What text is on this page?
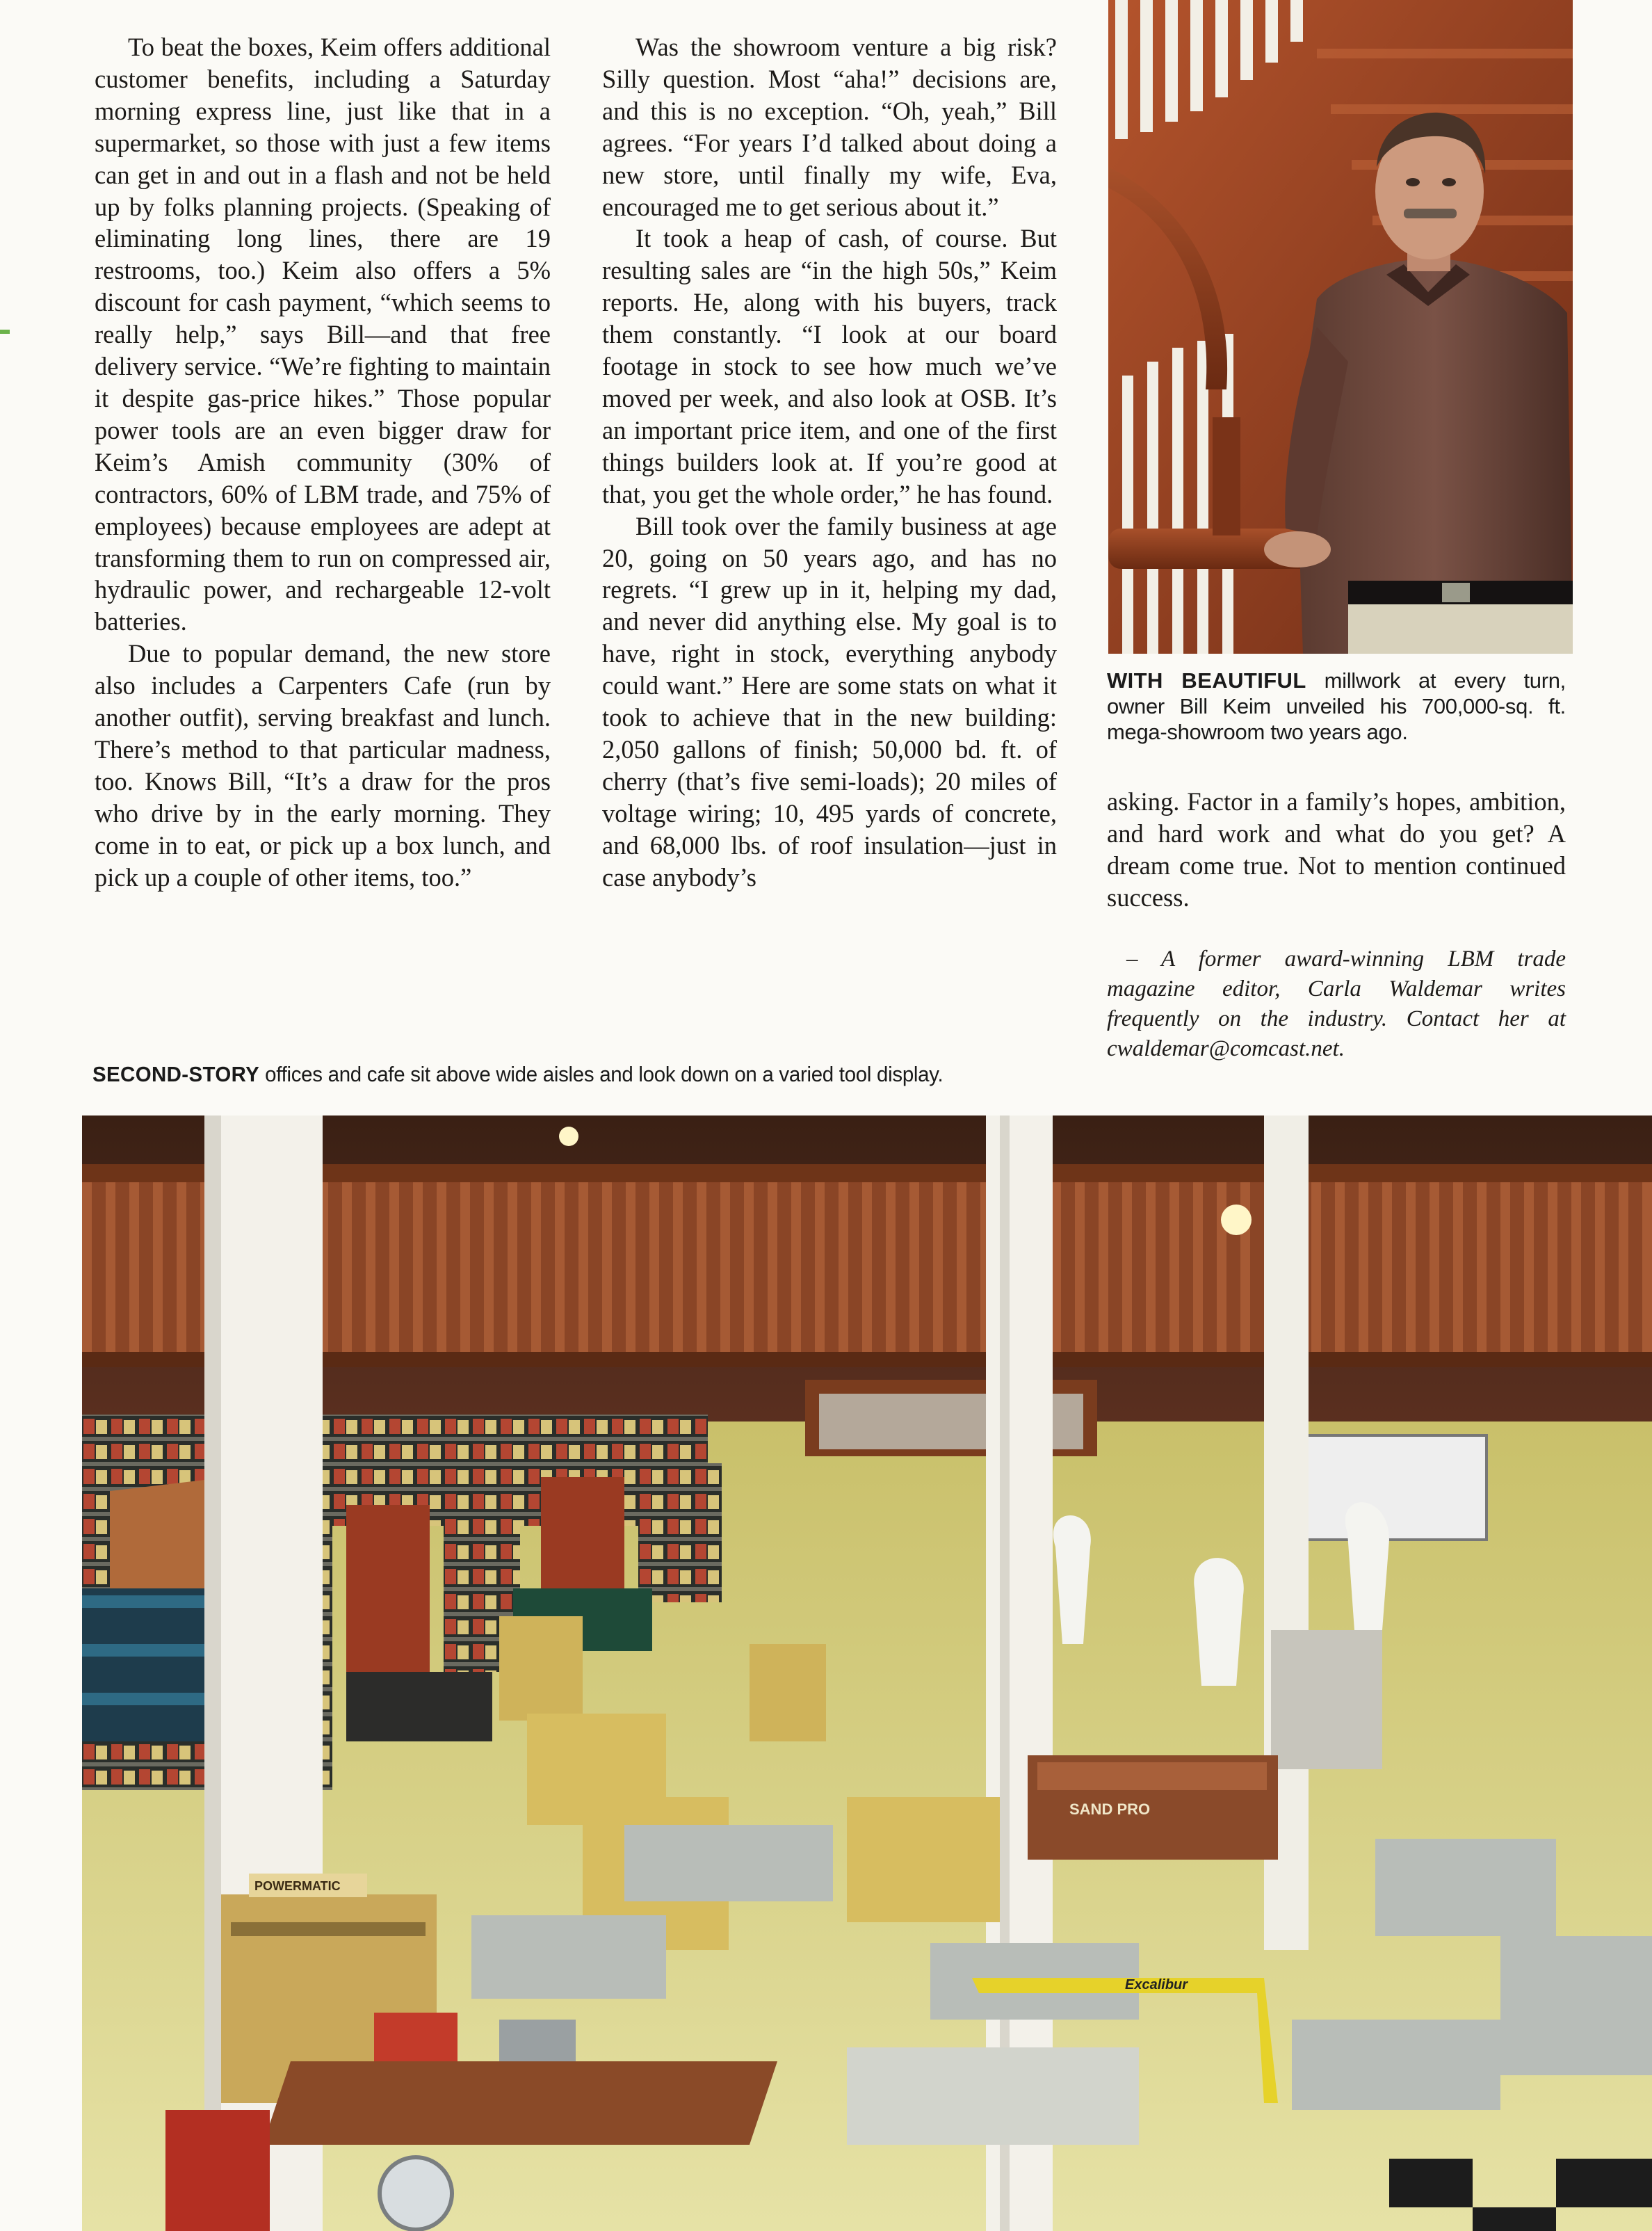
To beat the boxes, Keim offers additional customer benefits, including a Saturday morning express line, just like that in a supermarket, so those with just a few items can get in and out in a flash and not be held up by folks planning projects. (Speaking of eliminating long lines, there are 19 restrooms, too.) Keim also offers a 5% discount for cash payment, “which seems to really help,” says Bill—and that free delivery service. “We’re fighting to maintain it despite gas-price hikes.” Those popular power tools are an even bigger draw for Keim’s Amish community (30% of contractors, 60% of LBM trade, and 75% of employees) because employees are adept at transforming them to run on compressed air, hydraulic power, and rechargeable 12-volt batteries.

Due to popular demand, the new store also includes a Carpenters Cafe (run by another outfit), serving breakfast and lunch. There’s method to that particular madness, too. Knows Bill, “It’s a draw for the pros who drive by in the early morning. They come in to eat, or pick up a box lunch, and pick up a couple of other items, too.”

Was the showroom venture a big risk? Silly question. Most “aha!” decisions are, and this is no exception. “Oh, yeah,” Bill agrees. “For years I’d talked about doing a new store, until finally my wife, Eva, encouraged me to get serious about it.”

It took a heap of cash, of course. But resulting sales are “in the high 50s,” Keim reports. He, along with his buyers, track them constantly. “I look at our board footage in stock to see how much we’ve moved per week, and also look at OSB. It’s an important price item, and one of the first things builders look at. If you’re good at that, you get the whole order,” he has found.

Bill took over the family business at age 20, going on 50 years ago, and has no regrets. “I grew up in it, helping my dad, and never did anything else. My goal is to have, right in stock, everything anybody could want.” Here are some stats on what it took to achieve that in the new building: 2,050 gallons of finish; 50,000 bd. ft. of cherry (that’s five semi-loads); 20 miles of voltage wiring; 10, 495 yards of concrete, and 68,000 lbs. of roof insulation—just in case anybody’s

WITH BEAUTIFUL millwork at every turn, owner Bill Keim unveiled his 700,000-sq. ft. mega-showroom two years ago.

asking. Factor in a family’s hopes, ambition, and hard work and what do you get? A dream come true. Not to mention continued success.

– A former award-winning LBM trade magazine editor, Carla Waldemar writes frequently on the industry. Contact her at cwaldemar@comcast.net.

SECOND-STORY offices and cafe sit above wide aisles and look down on a varied tool display.
SAND PRO
Excalibur
POWERMATIC
